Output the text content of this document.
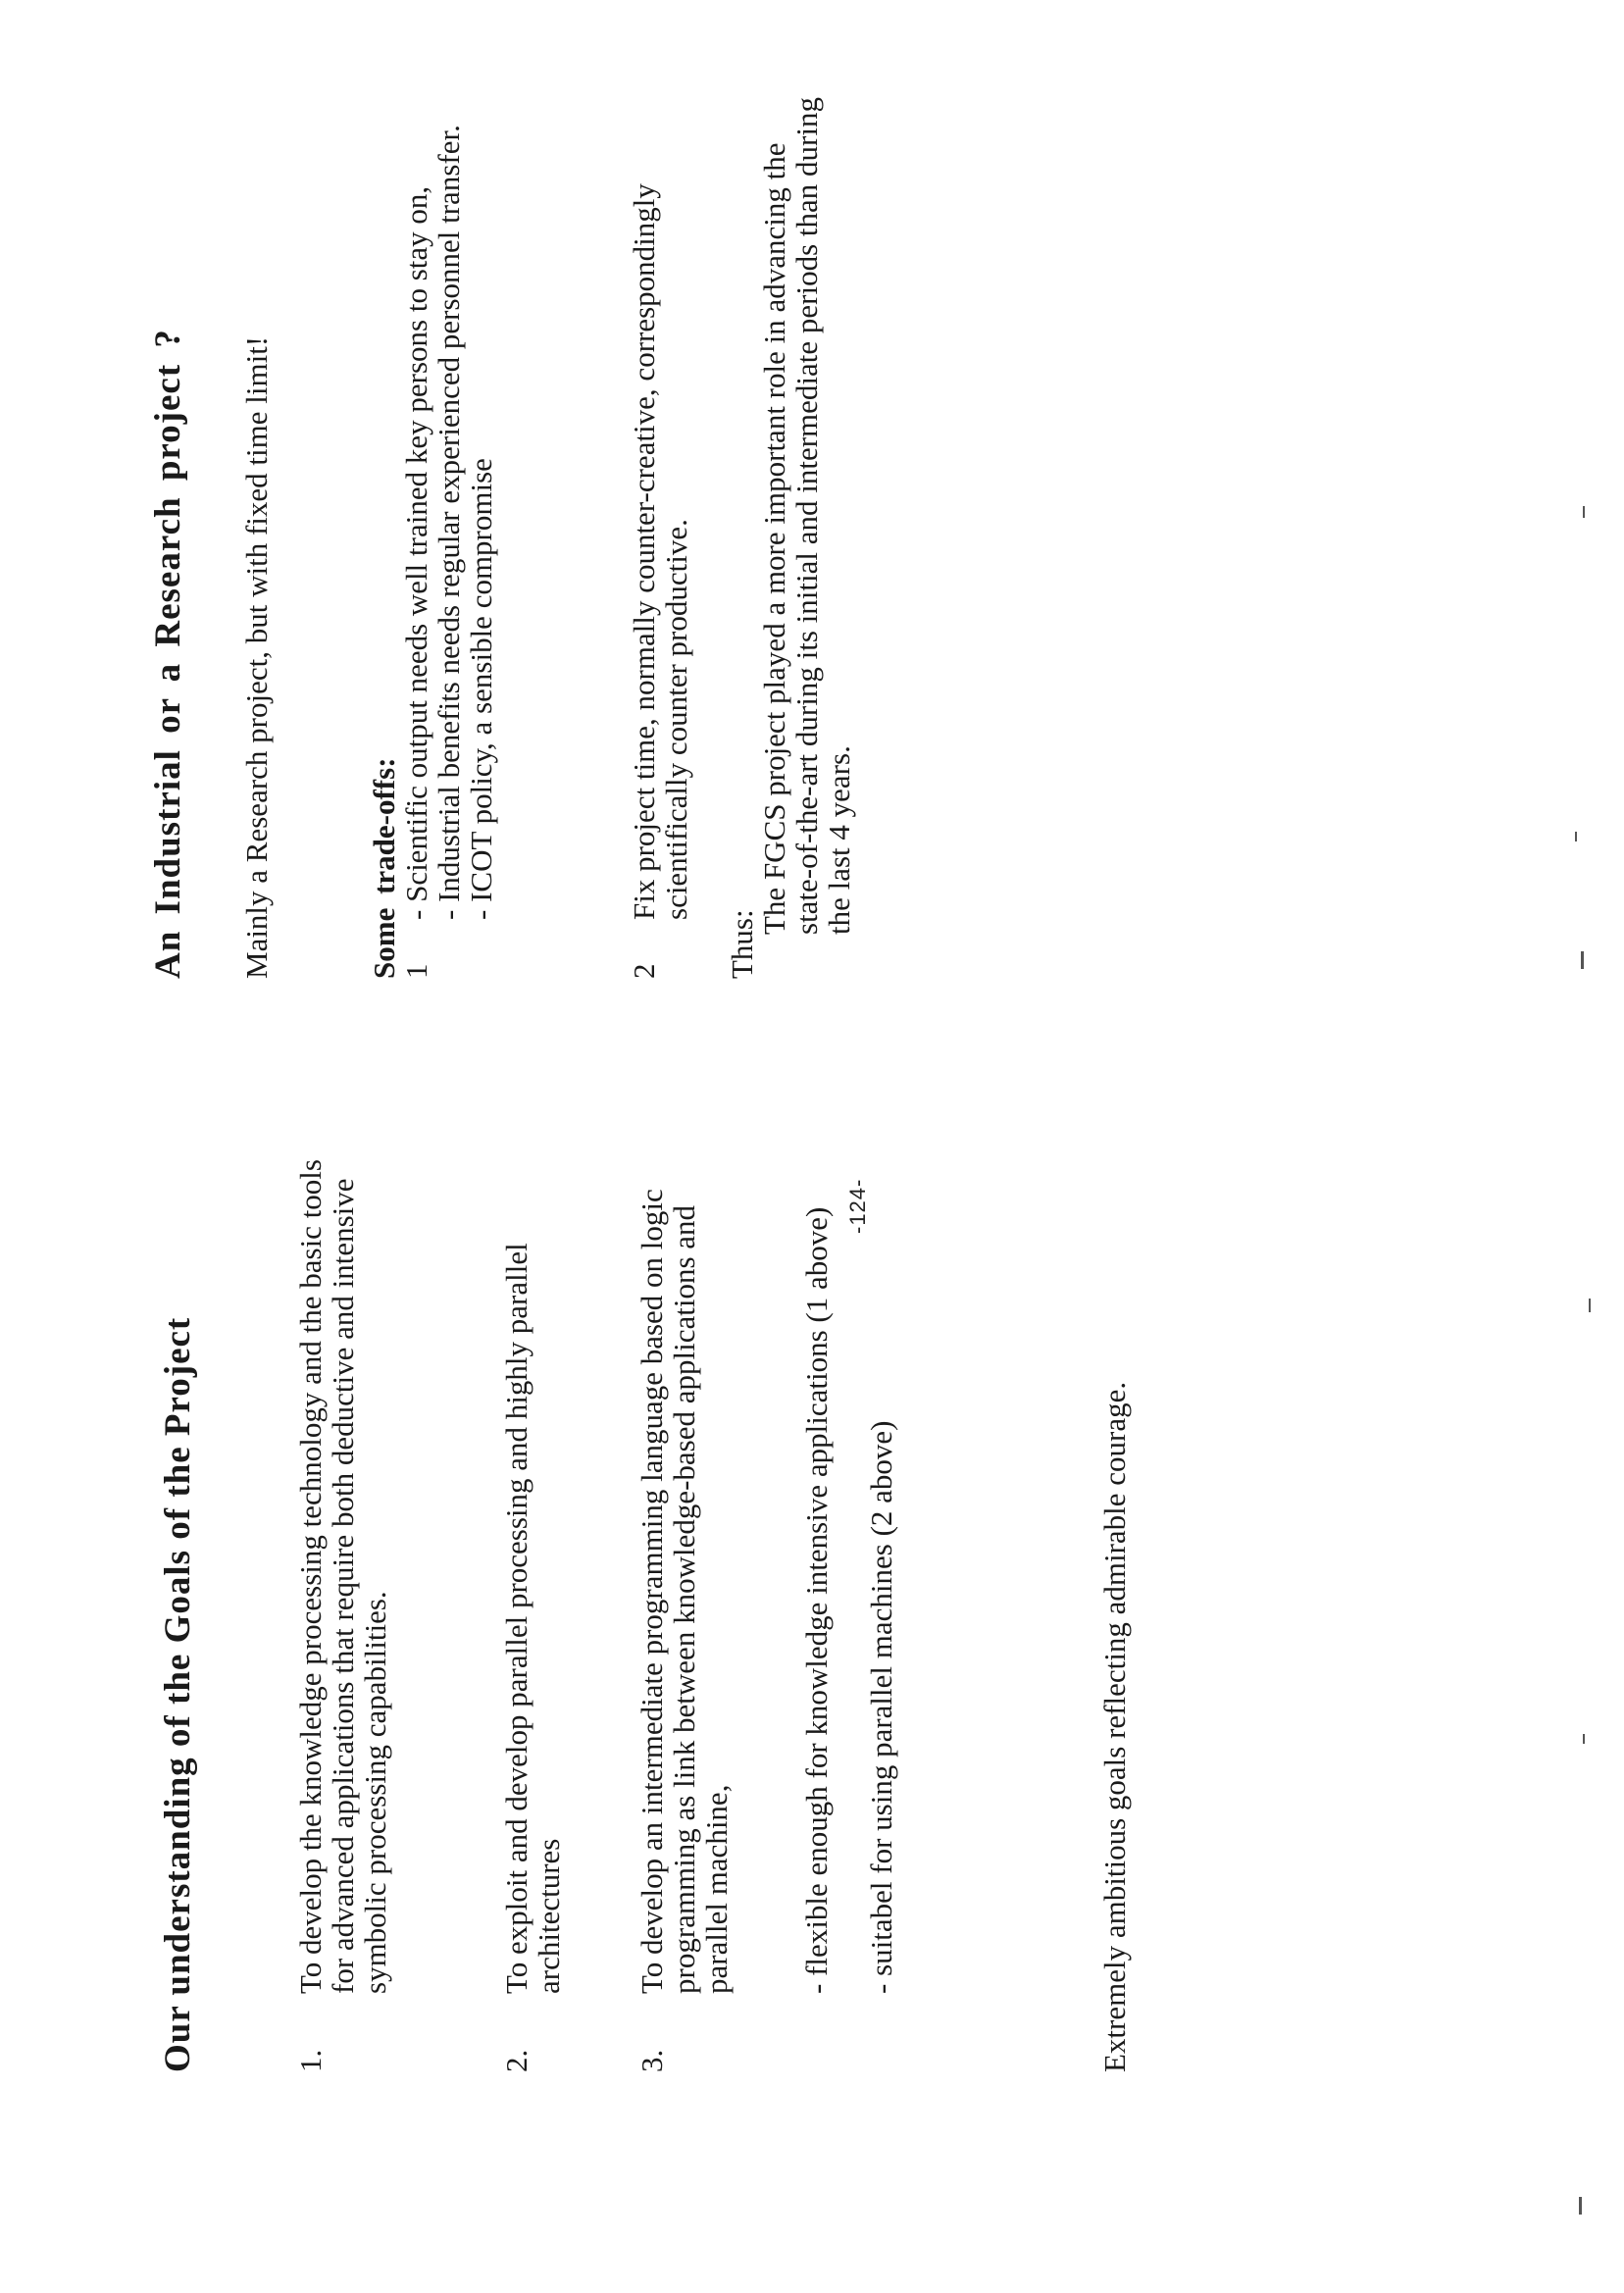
Our understanding of the Goals of the Project	1.
To develop the knowledge processing technology and the basic tools for advanced applications that require both deductive and intensive symbolic processing capabilities.
2.
To exploit and develop parallel processing and highly parallel architectures
3.
To develop an intermediate programming language based on logic programming as link between knowledge-based applications and parallel machine, - flexible enough for knowledge intensive applications (1 above) - suitabel for using parallel machines (2 above)	Extremely ambitious goals reflecting admirable courage.
An Industrial or a Research project ? Mainly a Research project, but with fixed time limit!	Some trade-offs:
1
- Scientific output needs well trained key persons to stay on,
- Industrial benefits needs regular experienced personnel transfer.
- ICOT policy, a sensible compromise
2
Fix project time, normally counter-creative, correspondingly scientifically counter productive.
Thus:
The FGCS project played a more important role in advancing the state-of-the-art during its initial and intermediate periods than during the last 4 years.
-124-
